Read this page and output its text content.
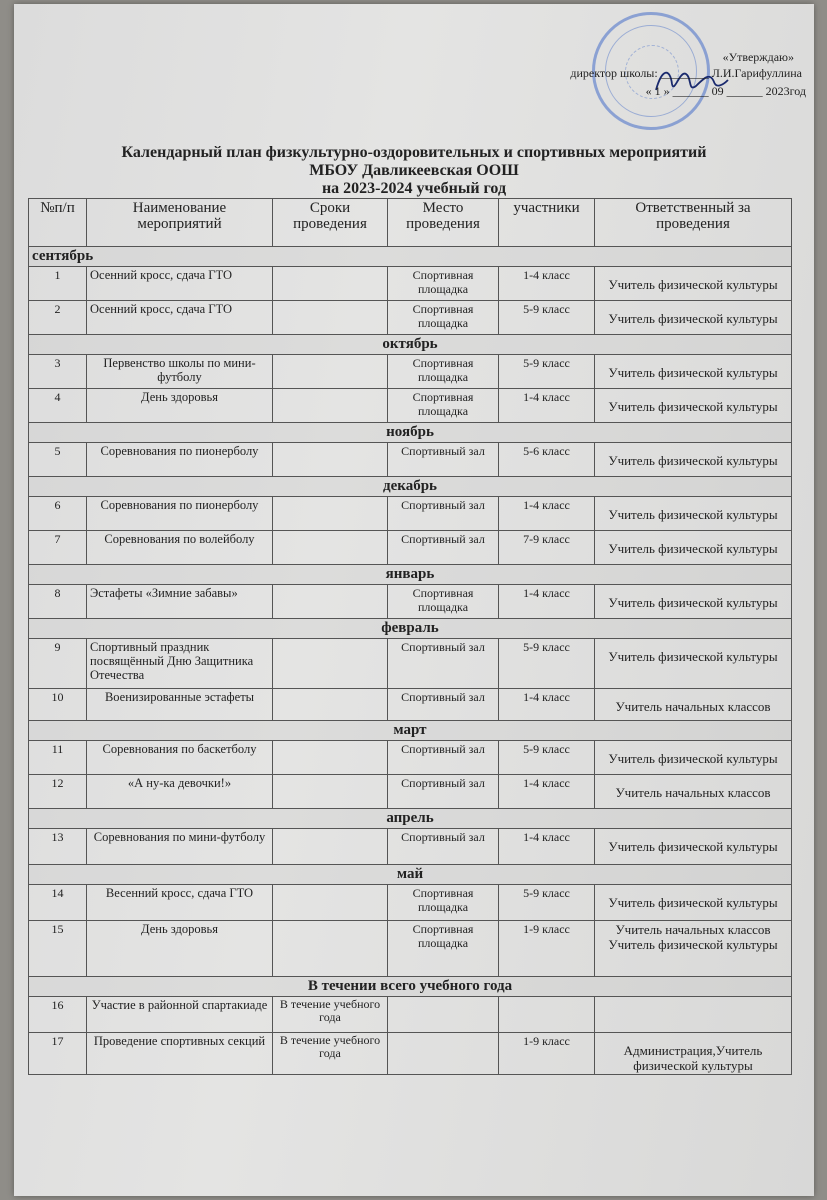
«Утверждаю»
директор школы: ________ Л.И.Гарифуллина
« 1 » ______ 09 ______ 2023год
Календарный план физкультурно-оздоровительных и спортивных мероприятий
МБОУ Давликеевская ООШ
на 2023-2024 учебный год
№п/п	Наименование мероприятий	Сроки проведения	Место проведения	участники	Ответственный за проведения
сентябрь					
1	Осенний кросс, сдача ГТО		Спортивная площадка	1-4 класс	Учитель физической культуры
2	Осенний кросс, сдача ГТО		Спортивная площадка	5-9 класс	Учитель физической культуры
октябрь					
3	Первенство школы по мини-футболу		Спортивная площадка	5-9 класс	Учитель физической культуры
4	День здоровья		Спортивная площадка	1-4 класс	Учитель физической культуры
ноябрь					
5	Соревнования по пионерболу		Спортивный зал	5-6 класс	Учитель физической культуры
декабрь					
6	Соревнования по пионерболу		Спортивный зал	1-4 класс	Учитель физической культуры
7	Соревнования по волейболу		Спортивный зал	7-9 класс	Учитель физической культуры
январь					
8	Эстафеты «Зимние забавы»		Спортивная площадка	1-4 класс	Учитель физической культуры
февраль					
9	Спортивный праздник посвящённый Дню Защитника Отечества		Спортивный зал	5-9 класс	Учитель физической культуры
10	Военизированные эстафеты		Спортивный зал	1-4 класс	Учитель начальных классов
март					
11	Соревнования по баскетболу		Спортивный зал	5-9 класс	Учитель физической культуры
12	«А ну-ка девочки!»		Спортивный зал	1-4 класс	Учитель начальных классов
апрель					
13	Соревнования по мини-футболу		Спортивный зал	1-4 класс	Учитель физической культуры
май					
14	Весенний кросс, сдача ГТО		Спортивная площадка	5-9 класс	Учитель физической культуры
15	День здоровья		Спортивная площадка	1-9 класс	Учитель начальных классов Учитель физической культуры
В течении всего учебного года					
16	Участие в районной спартакиаде	В течение учебного года			
17	Проведение спортивных секций	В течение учебного года		1-9 класс	Администрация,Учитель физической культуры
